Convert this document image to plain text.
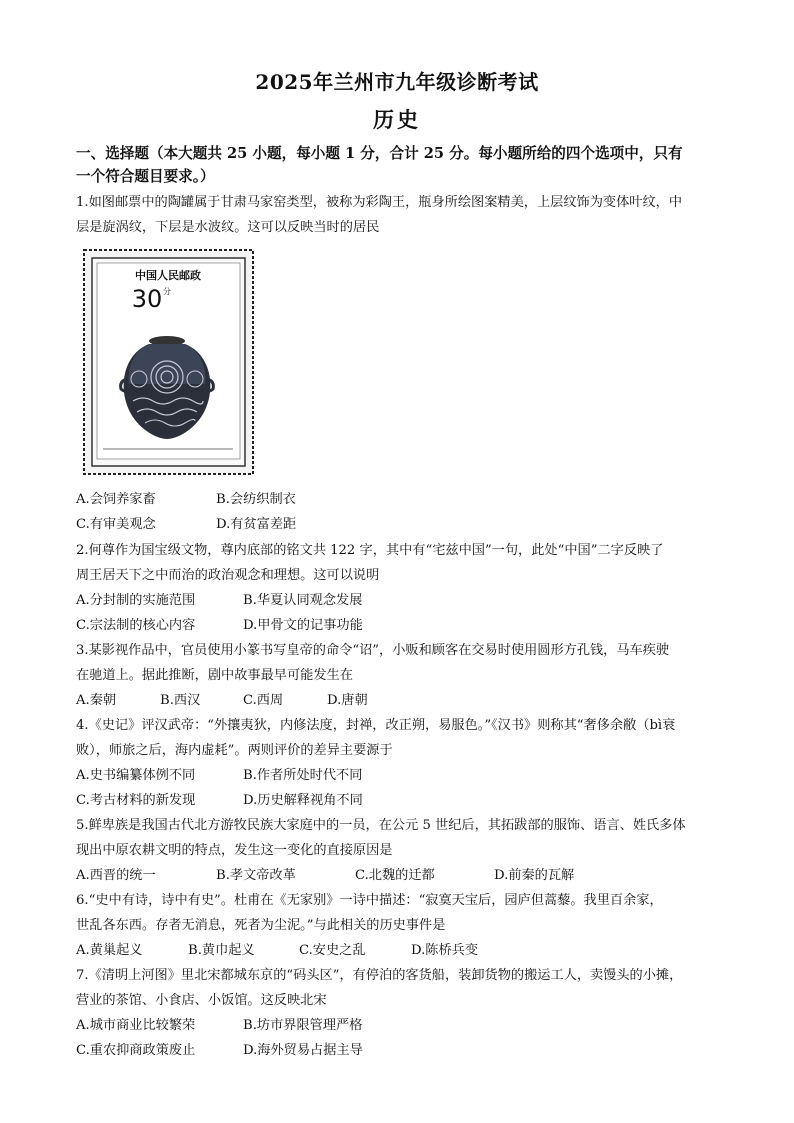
2025年兰州市九年级诊断考试
历史
一、选择题（本大题共 25 小题，每小题 1 分，合计 25 分。每小题所给的四个选项中，只有
一个符合题目要求。）
1.如图邮票中的陶罐属于甘肃马家窑类型，被称为彩陶王，瓶身所绘图案精美，上层纹饰为变体叶纹，中
层是旋涡纹，下层是水波纹。这可以反映当时的居民
中国人民邮政
30 分
A.会饲养家畜	B.会纺织制衣
C.有审美观念	D.有贫富差距
2.何尊作为国宝级文物，尊内底部的铭文共 122 字，其中有“宅兹中国”一句，此处“中国”二字反映了
周王居天下之中而治的政治观念和理想。这可以说明
A.分封制的实施范围	B.华夏认同观念发展
C.宗法制的核心内容	D.甲骨文的记事功能
3.某影视作品中，官员使用小篆书写皇帝的命令“诏”，小贩和顾客在交易时使用圆形方孔钱，马车疾驶
在驰道上。据此推断，剧中故事最早可能发生在
A.秦朝	B.西汉	C.西周	D.唐朝
4.《史记》评汉武帝：“外攘夷狄，内修法度，封禅，改正朔，易服色。”《汉书》则称其“奢侈余敝（bì衰
败），师旅之后，海内虚耗”。两则评价的差异主要源于
A.史书编纂体例不同	B.作者所处时代不同
C.考古材料的新发现	D.历史解释视角不同
5.鲜卑族是我国古代北方游牧民族大家庭中的一员，在公元 5 世纪后，其拓跋部的服饰、语言、姓氏多体
现出中原农耕文明的特点，发生这一变化的直接原因是
A.西晋的统一	B.孝文帝改革	C.北魏的迁都	D.前秦的瓦解
6.“史中有诗，诗中有史”。杜甫在《无家别》一诗中描述：“寂寞天宝后，园庐但蒿藜。我里百余家，
世乱各东西。存者无消息，死者为尘泥。”与此相关的历史事件是
A.黄巢起义	B.黄巾起义	C.安史之乱	D.陈桥兵变
7.《清明上河图》里北宋都城东京的“码头区”，有停泊的客货船，装卸货物的搬运工人，卖馒头的小摊，
营业的茶馆、小食店、小饭馆。这反映北宋
A.城市商业比较繁荣	B.坊市界限管理严格
C.重农抑商政策废止	D.海外贸易占据主导
